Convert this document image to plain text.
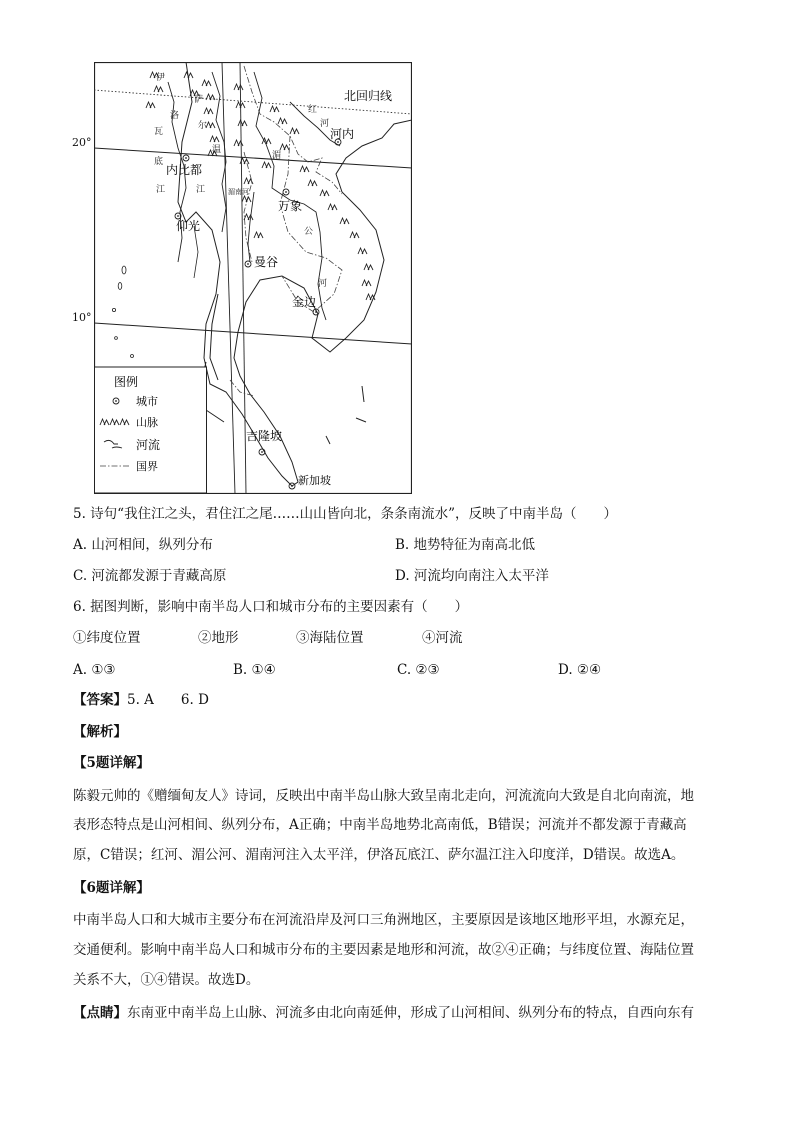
北回归线
伊
洛
瓦
底
江
萨
尔
温
江
湄
公
河
红
河
湄南河
内比都
河内
万象
仰光
曼谷
金边
吉隆坡
新加坡
图例
城市
山脉
河流
国界
20°
10°
5. 诗句“我住江之头，君住江之尾……山山皆向北，条条南流水”，反映了中南半岛（　　）
A. 山河相间，纵列分布	B. 地势特征为南高北低
C. 河流都发源于青藏高原	D. 河流均向南注入太平洋
6. 据图判断，影响中南半岛人口和城市分布的主要因素有（　　）
①纬度位置	②地形	③海陆位置	④河流
A. ①③	B. ①④	C. ②③	D. ②④
【答案】5. A　　6. D
【解析】
【5题详解】
陈毅元帅的《赠缅甸友人》诗词，反映出中南半岛山脉大致呈南北走向，河流流向大致是自北向南流，地
表形态特点是山河相间、纵列分布，A正确；中南半岛地势北高南低，B错误；河流并不都发源于青藏高
原，C错误；红河、湄公河、湄南河注入太平洋，伊洛瓦底江、萨尔温江注入印度洋，D错误。故选A。
【6题详解】
中南半岛人口和大城市主要分布在河流沿岸及河口三角洲地区，主要原因是该地区地形平坦，水源充足，
交通便利。影响中南半岛人口和城市分布的主要因素是地形和河流，故②④正确；与纬度位置、海陆位置
关系不大，①④错误。故选D。
【点睛】东南亚中南半岛上山脉、河流多由北向南延伸，形成了山河相间、纵列分布的特点，自西向东有
